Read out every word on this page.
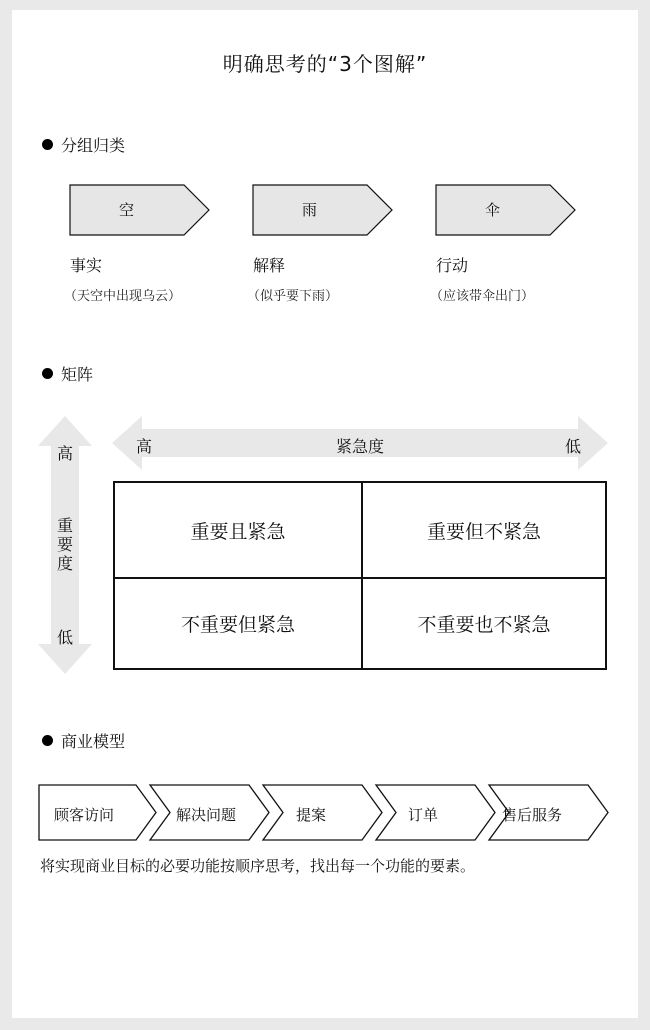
明确思考的“3个图解”
分组归类
空	雨	伞
事实
（天空中出现乌云）
解释
（似乎要下雨）
行动
（应该带伞出门）
矩阵
高	紧急度	低
高
重
要
度
低
重要且紧急	重要但不紧急
不重要但紧急	不重要也不紧急
商业模型
顾客访问	解决问题	提案	订单	售后服务
将实现商业目标的必要功能按顺序思考，找出每一个功能的要素。
